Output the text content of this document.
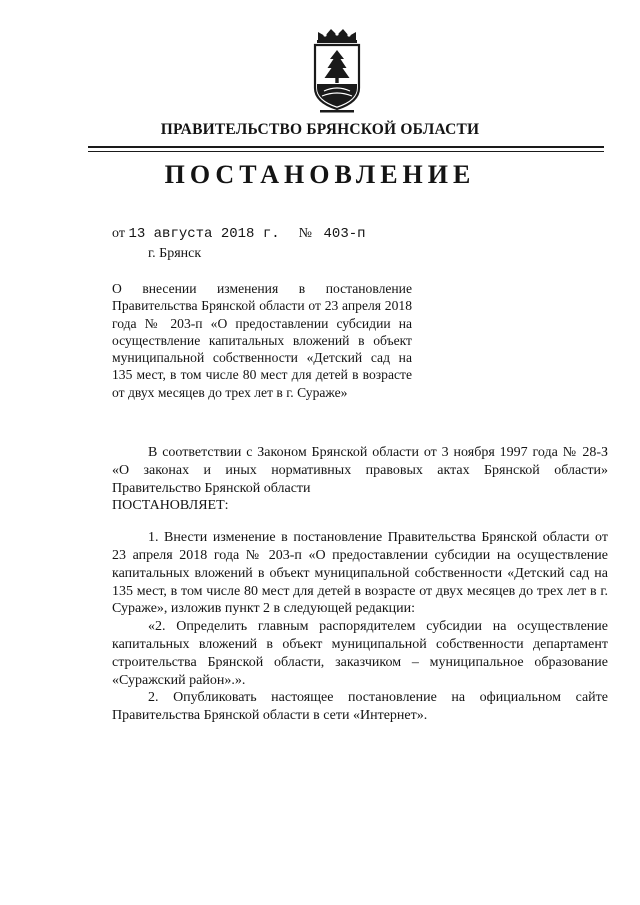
ПРАВИТЕЛЬСТВО БРЯНСКОЙ ОБЛАСТИ
ПОСТАНОВЛЕНИЕ
от 13 августа 2018 г. № 403-п
г. Брянск
О внесении изменения в постановление Правительства Брянской области от 23 апреля 2018 года № 203-п «О предоставлении субсидии на осуществление капитальных вложений в объект муниципальной собственности «Детский сад на 135 мест, в том числе 80 мест для детей в возрасте от двух месяцев до трех лет в г. Сураже»

В соответствии с Законом Брянской области от 3 ноября 1997 года № 28-З «О законах и иных нормативных правовых актах Брянской области» Правительство Брянской области

ПОСТАНОВЛЯЕТ:

1. Внести изменение в постановление Правительства Брянской области от 23 апреля 2018 года № 203-п «О предоставлении субсидии на осуществление капитальных вложений в объект муниципальной собственности «Детский сад на 135 мест, в том числе 80 мест для детей в возрасте от двух месяцев до трех лет в г. Сураже», изложив пункт 2 в следующей редакции:

«2. Определить главным распорядителем субсидии на осуществление капитальных вложений в объект муниципальной собственности департамент строительства Брянской области, заказчиком – муниципальное образование «Суражский район».».

2. Опубликовать настоящее постановление на официальном сайте Правительства Брянской области в сети «Интернет».
